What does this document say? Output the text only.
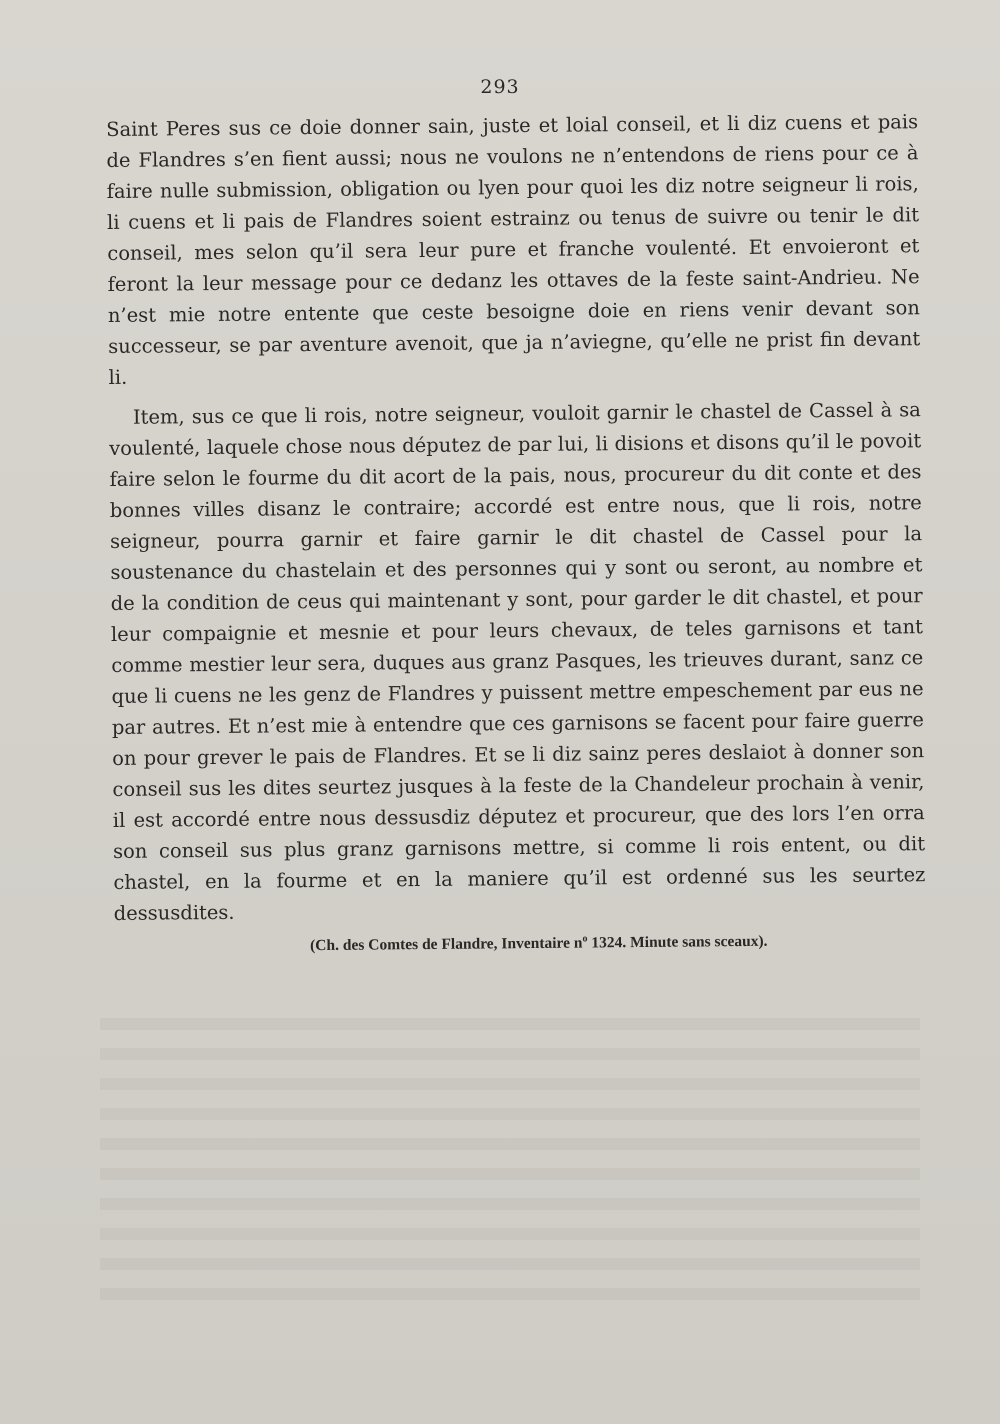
293

Saint Peres sus ce doie donner sain, juste et loial conseil, et li diz cuens et pais de Flandres s’en fient aussi; nous ne voulons ne n’entendons de riens pour ce à faire nulle submission, obligation ou lyen pour quoi les diz notre seigneur li rois, li cuens et li pais de Flandres soient estrainz ou tenus de suivre ou tenir le dit conseil, mes selon qu’il sera leur pure et franche voulenté. Et envoieront et feront la leur message pour ce dedanz les ottaves de la feste saint-Andrieu. Ne n’est mie notre entente que ceste besoigne doie en riens venir devant son successeur, se par aventure avenoit, que ja n’aviegne, qu’elle ne prist fin devant li.

Item, sus ce que li rois, notre seigneur, vouloit garnir le chastel de Cassel à sa voulenté, laquele chose nous députez de par lui, li disions et disons qu’il le povoit faire selon le fourme du dit acort de la pais, nous, procureur du dit conte et des bonnes villes disanz le contraire; accordé est entre nous, que li rois, notre seigneur, pourra garnir et faire garnir le dit chastel de Cassel pour la soustenance du chastelain et des personnes qui y sont ou seront, au nombre et de la condition de ceus qui maintenant y sont, pour garder le dit chastel, et pour leur compaignie et mesnie et pour leurs chevaux, de teles garnisons et tant comme mestier leur sera, duques aus granz Pasques, les trieuves durant, sanz ce que li cuens ne les genz de Flandres y puissent mettre empeschement par eus ne par autres. Et n’est mie à entendre que ces garnisons se facent pour faire guerre on pour grever le pais de Flandres. Et se li diz sainz peres deslaiot à donner son conseil sus les dites seurtez jusques à la feste de la Chandeleur prochain à venir, il est accordé entre nous dessusdiz députez et procureur, que des lors l’en orra son conseil sus plus granz garnisons mettre, si comme li rois entent, ou dit chastel, en la fourme et en la maniere qu’il est ordenné sus les seurtez dessusdites.

(Ch. des Comtes de Flandre, Inventaire $n^o$ 1324. Minute sans sceaux).
